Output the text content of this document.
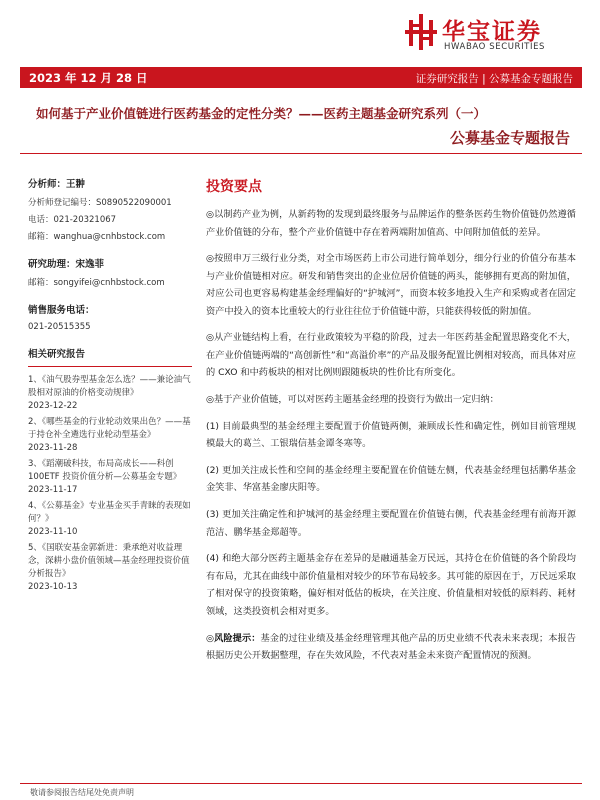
华宝证券
HWABAO SECURITIES
2023 年 12 月 28 日	证券研究报告 | 公募基金专题报告
如何基于产业价值链进行医药基金的定性分类？——医药主题基金研究系列（一）
公募基金专题报告
分析师：王翀
分析师登记编号：S0890522090001
电话：021-20321067
邮箱：wanghua@cnhbstock.com
研究助理：宋逸菲
邮箱：songyifei@cnhbstock.com
销售服务电话：
021-20515355
相关研究报告
1、《油气股券型基金怎么选？——兼论油气股相对原油的价格变动规律》
2023-12-22
2、《哪些基金的行业轮动效果出色？——基于持仓补全遴选行业轮动型基金》
2023-11-28
3、《蹈潮破科技，布局高成长——科创100ETF 投资价值分析—公募基金专题》
2023-11-17
4、《公募基金》专业基金买手青睐的表现如何？》
2023-11-10
5、《国联安基金郭新进：秉承绝对收益理念，深耕小盘价值领域—基金经理投资价值分析报告》
2023-10-13
投资要点

◎以制药产业为例，从新药物的发现到最终服务与品牌运作的整条医药生物价值链仍然遵循产业价值链的分布，整个产业价值链中存在着两端附加值高、中间附加值低的差异。

◎按照申万三级行业分类，对全市场医药上市公司进行简单划分，细分行业的价值分布基本与产业价值链相对应。研发和销售突出的企业位居价值链的两头，能够拥有更高的附加值，对应公司也更容易构建基金经理偏好的“护城河”，而资本较多地投入生产和采购或者在固定资产中投入的资本比重较大的行业往往位于价值链中游，只能获得较低的附加值。

◎从产业链结构上看，在行业政策较为平稳的阶段，过去一年医药基金配置思路变化不大，在产业价值链两端的“高创新性”和“高溢价率”的产品及服务配置比例相对较高，而具体对应的 CXO 和中药板块的相对比例则跟随板块的性价比有所变化。

◎基于产业价值链，可以对医药主题基金经理的投资行为做出一定归纳：

(1) 目前最典型的基金经理主要配置于价值链两侧，兼顾成长性和确定性，例如目前管理规模最大的葛兰、工银瑞信基金谭冬寒等。

(2) 更加关注成长性和空间的基金经理主要配置在价值链左侧，代表基金经理包括鹏华基金金笑非、华富基金廖庆阳等。

(3) 更加关注确定性和护城河的基金经理主要配置在价值链右侧，代表基金经理有前海开源范洁、鹏华基金郑超等。

(4) 和绝大部分医药主题基金存在差异的是融通基金万民远，其持仓在价值链的各个阶段均有布局，尤其在曲线中部价值量相对较少的环节布局较多。其可能的原因在于，万民远采取了相对保守的投资策略，偏好相对低估的板块，在关注度、价值量相对较低的原料药、耗材领域，这类投资机会相对更多。

◎风险提示：基金的过往业绩及基金经理管理其他产品的历史业绩不代表未来表现；本报告根据历史公开数据整理，存在失效风险，不代表对基金未来资产配置情况的预测。

敬请参阅报告结尾处免责声明
